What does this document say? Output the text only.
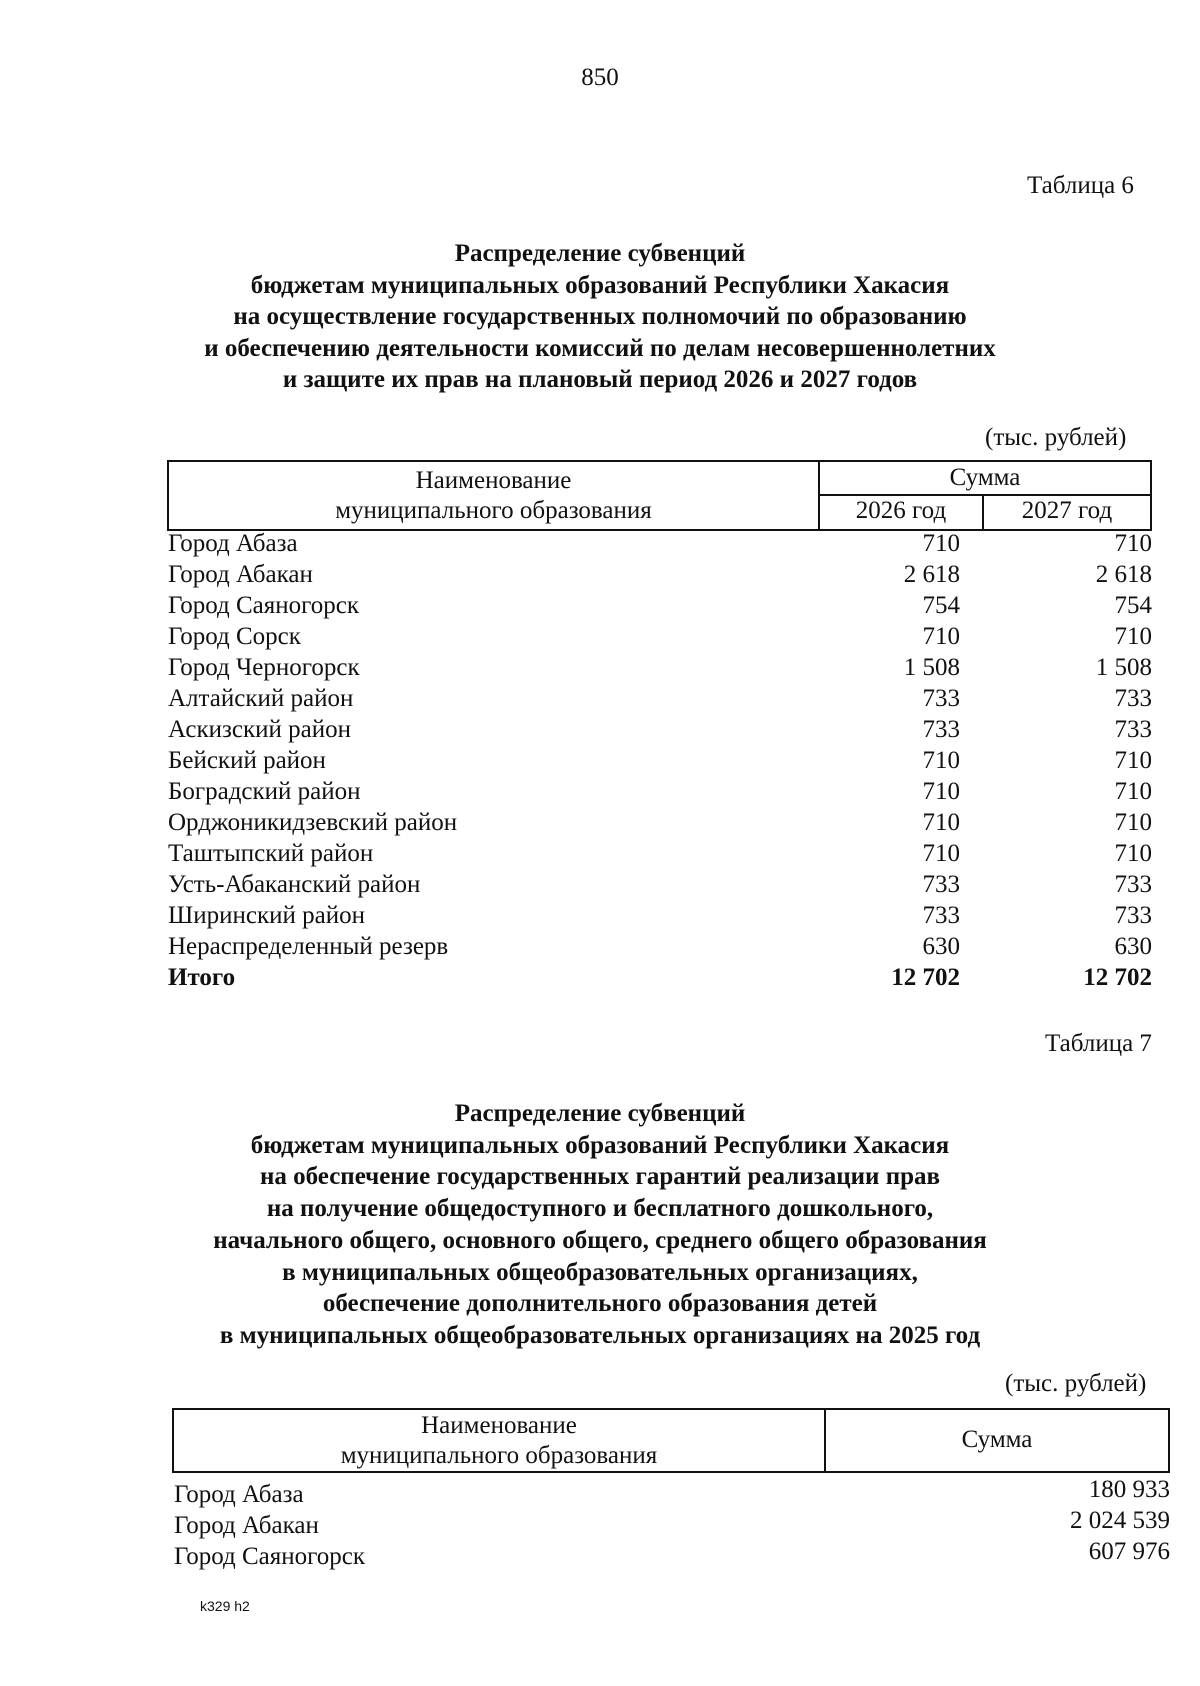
850
Таблица 6
Распределение субвенций
бюджетам муниципальных образований Республики Хакасия
на осуществление государственных полномочий по образованию
и обеспечению деятельности комиссий по делам несовершеннолетних
и защите их прав на плановый период 2026 и 2027 годов
(тыс. рублей)
Наименование
муниципального образования
Сумма
2026 год	2027 год
Город Абаза	710	710
Город Абакан	2 618	2 618
Город Саяногорск	754	754
Город Сорск	710	710
Город Черногорск	1 508	1 508
Алтайский район	733	733
Аскизский район	733	733
Бейский район	710	710
Боградский район	710	710
Орджоникидзевский район	710	710
Таштыпский район	710	710
Усть-Абаканский район	733	733
Ширинский район	733	733
Нераспределенный резерв	630	630
Итого	12 702	12 702
Таблица 7
Распределение субвенций
бюджетам муниципальных образований Республики Хакасия
на обеспечение государственных гарантий реализации прав
на получение общедоступного и бесплатного дошкольного,
начального общего, основного общего, среднего общего образования
в муниципальных общеобразовательных организациях,
обеспечение дополнительного образования детей
в муниципальных общеобразовательных организациях на 2025 год
(тыс. рублей)
Наименование
муниципального образования
Сумма
Город Абаза	180 933
Город Абакан	2 024 539
Город Саяногорск	607 976
k329 h2
